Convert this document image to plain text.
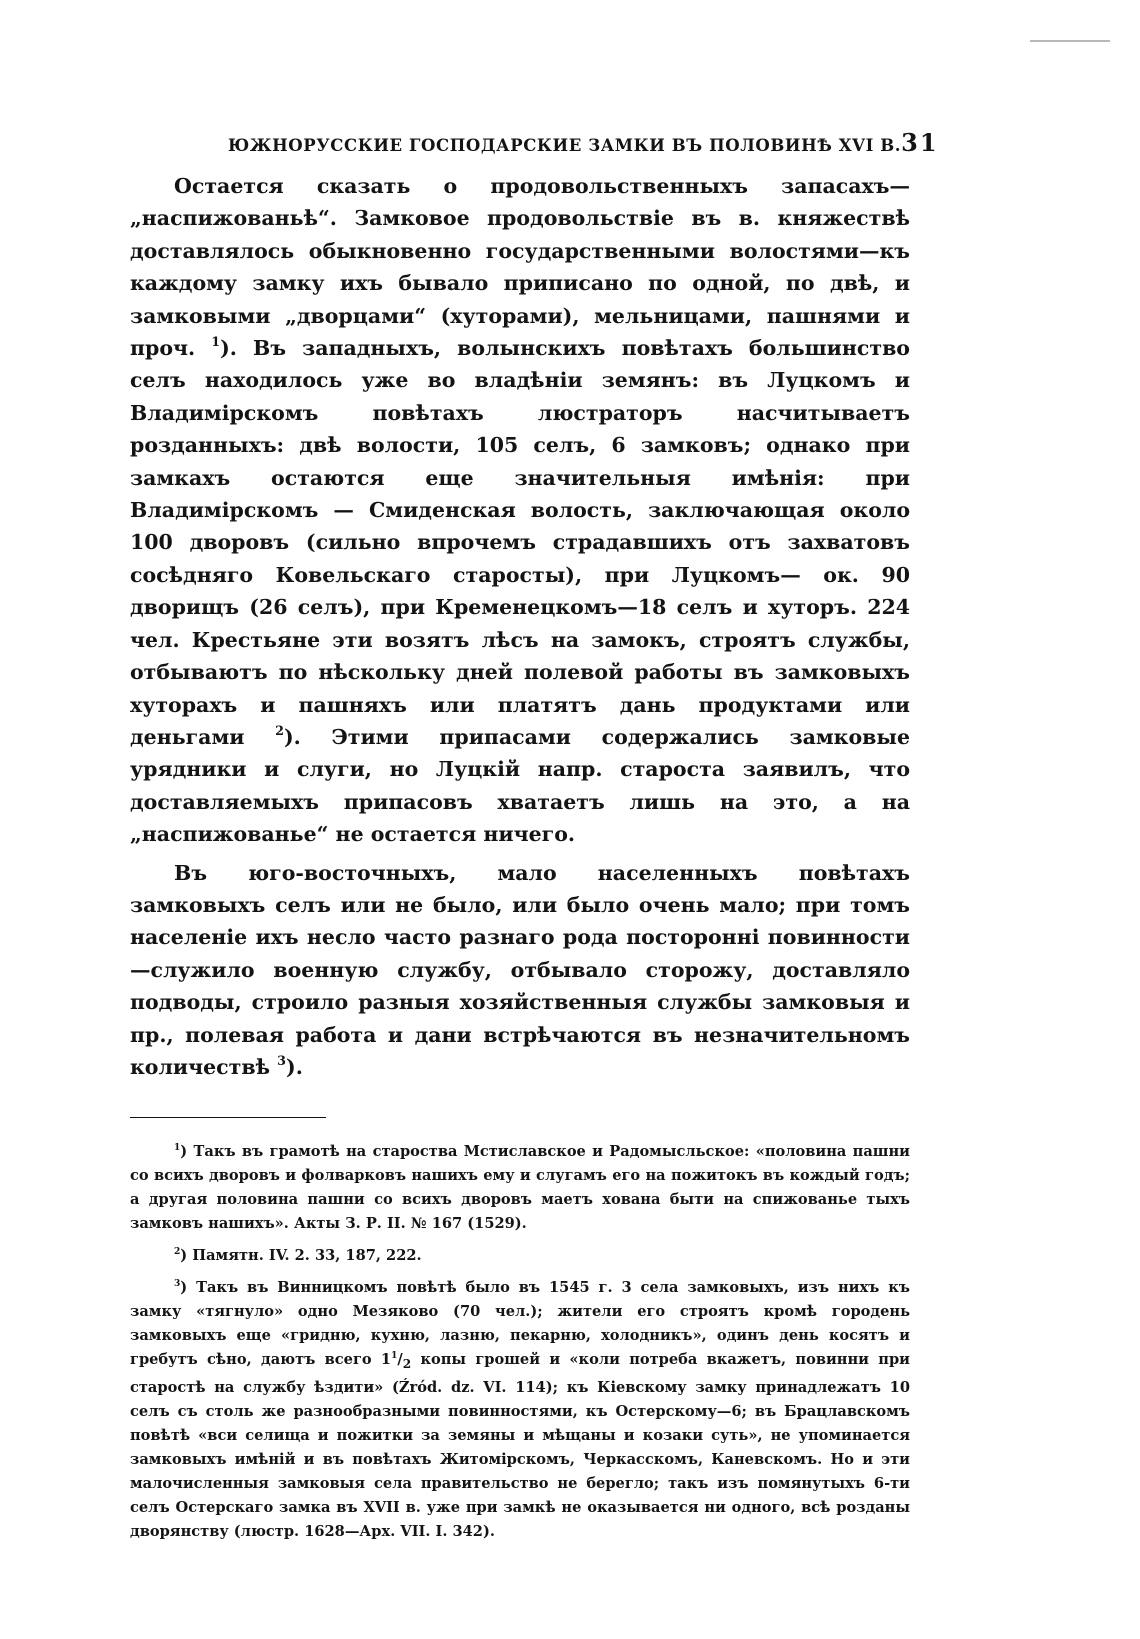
ЮЖНОРУССКИЕ ГОСПОДАРСКИЕ ЗАМКИ ВЪ ПОЛОВИНѢ XVI В. 31

Остается сказать о продовольственныхъ запасахъ—„наспижованьѣ“. Замковое продовольствіе въ в. княжествѣ доставлялось обыкновенно государственными волостями—къ каждому замку ихъ бывало приписано по одной, по двѣ, и замковыми „дворцами“ (хуторами), мельницами, пашнями и проч. $^1$). Въ западныхъ, волынскихъ повѣтахъ большинство селъ находилось уже во владѣніи земянъ: въ Луцкомъ и Владимірскомъ повѣтахъ люстраторъ насчитываетъ розданныхъ: двѣ волости, 105 селъ, 6 замковъ; однако при замкахъ остаются еще значительныя имѣнія: при Владимірскомъ — Смиденская волость, заключающая около 100 дворовъ (сильно впрочемъ страдавшихъ отъ захватовъ сосѣдняго Ковельскаго старосты), при Луцкомъ— ок. 90 дворищъ (26 селъ), при Кременецкомъ—18 селъ и хуторъ. 224 чел. Крестьяне эти возятъ лѣсъ на замокъ, строятъ службы, отбываютъ по нѣскольку дней полевой работы въ замковыхъ хуторахъ и пашняхъ или платятъ дань продуктами или деньгами $^2$). Этими припасами содержались замковые урядники и слуги, но Луцкій напр. староста заявилъ, что доставляемыхъ припасовъ хватаетъ лишь на это, а на „наспижованье“ не остается ничего.

Въ юго-восточныхъ, мало населенныхъ повѣтахъ замковыхъ селъ или не было, или было очень мало; при томъ населеніе ихъ несло часто разнаго рода посторонні повинности—служило военную службу, отбывало сторожу, доставляло подводы, строило разныя хозяйственныя службы замковыя и пр., полевая работа и дани встрѣчаются въ незначительномъ количествѣ $^3$).

$^1$) Такъ въ грамотѣ на староства Мстиславское и Радомысльское: «половина пашни со всихъ дворовъ и фолварковъ нашихъ ему и слугамъ его на пожитокъ въ кождый годъ; а другая половина пашни со всихъ дворовъ маетъ хована быти на спижованье тыхъ замковъ нашихъ». Акты З. Р. II. № 167 (1529).

$^2$) Памятн. IV. 2. 33, 187, 222.

$^3$) Такъ въ Винницкомъ повѣтѣ было въ 1545 г. 3 села замковыхъ, изъ нихъ къ замку «тягнуло» одно Мезяково (70 чел.); жители его строятъ кромѣ городень замковыхъ еще «гридню, кухню, лазню, пекарню, холодникъ», одинъ день косятъ и гребутъ сѣно, даютъ всего $1^1/_2$ копы грошей и «коли потреба вкажетъ, повинни при старостѣ на службу ѣздити» (Źród. dz. VI. 114); къ Кіевскому замку принадлежатъ 10 селъ съ столь же разнообразными повинностями, къ Остерскому—6; въ Брацлавскомъ повѣтѣ «вси селища и пожитки за земяны и мѣщаны и козаки суть», не упоминается замковыхъ имѣній и въ повѣтахъ Житомірскомъ, Черкасскомъ, Каневскомъ. Но и эти малочисленныя замковыя села правительство не берегло; такъ изъ помянутыхъ 6-ти селъ Остерскаго замка въ XVII в. уже при замкѣ не оказывается ни одного, всѣ розданы дворянству (люстр. 1628—Арх. VII. I. 342).
